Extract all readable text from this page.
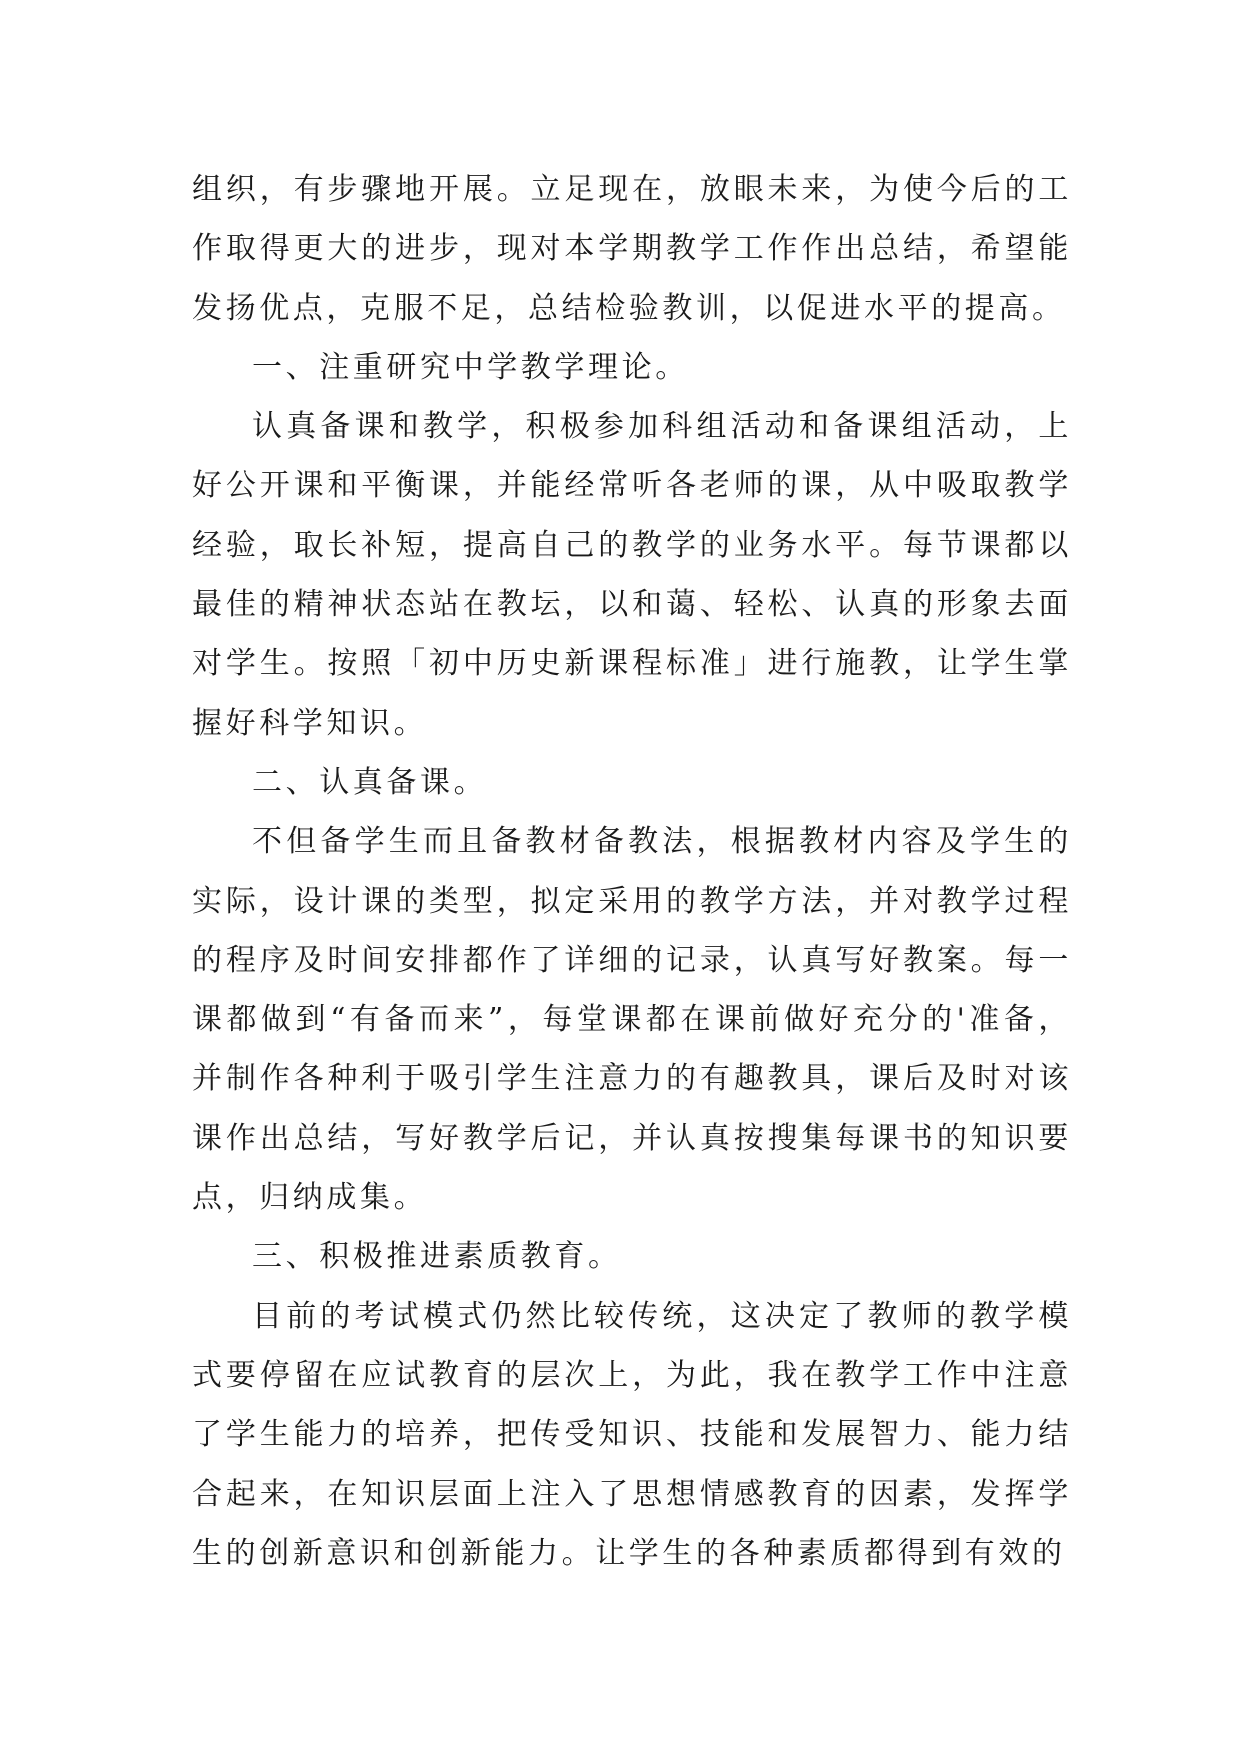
组织，有步骤地开展。立足现在，放眼未来，为使今后的工作取得更大的进步，现对本学期教学工作作出总结，希望能发扬优点，克服不足，总结检验教训，以促进水平的提高。

一、注重研究中学教学理论。

认真备课和教学，积极参加科组活动和备课组活动，上好公开课和平衡课，并能经常听各老师的课，从中吸取教学经验，取长补短，提高自己的教学的业务水平。每节课都以最佳的精神状态站在教坛，以和蔼、轻松、认真的形象去面对学生。按照「初中历史新课程标准」进行施教，让学生掌握好科学知识。

二、认真备课。

不但备学生而且备教材备教法，根据教材内容及学生的实际，设计课的类型，拟定采用的教学方法，并对教学过程的程序及时间安排都作了详细的记录，认真写好教案。每一课都做到“有备而来”，每堂课都在课前做好充分的'准备，并制作各种利于吸引学生注意力的有趣教具，课后及时对该课作出总结，写好教学后记，并认真按搜集每课书的知识要点，归纳成集。

三、积极推进素质教育。

目前的考试模式仍然比较传统，这决定了教师的教学模式要停留在应试教育的层次上，为此，我在教学工作中注意了学生能力的培养，把传受知识、技能和发展智力、能力结合起来，在知识层面上注入了思想情感教育的因素，发挥学生的创新意识和创新能力。让学生的各种素质都得到有效的
